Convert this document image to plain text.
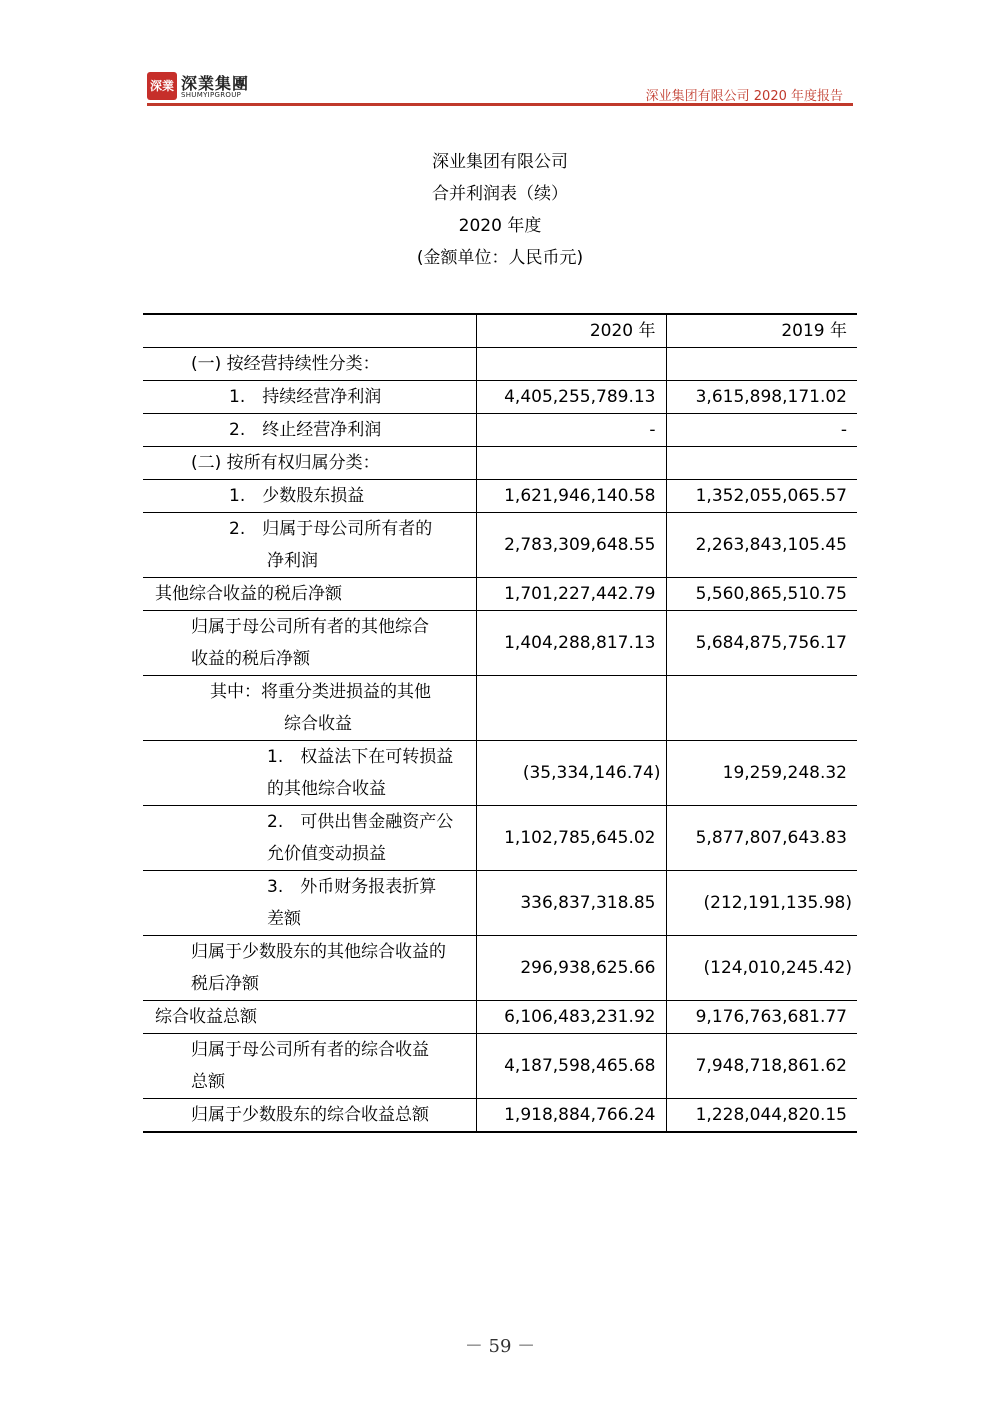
深業 深業集團
SHUMYIPGROUP	深业集团有限公司 2020 年度报告
深业集团有限公司
合并利润表（续）
2020 年度
(金额单位：人民币元)
	2020 年	2019 年
(一) 按经营持续性分类：		
1.　持续经营净利润	4,405,255,789.13	3,615,898,171.02
2.　终止经营净利润	-	-
(二) 按所有权归属分类：		
1.　少数股东损益	1,621,946,140.58	1,352,055,065.57

2.　归属于母公司所有者的
净利润	2,783,309,648.55	2,263,843,105.45
其他综合收益的税后净额	1,701,227,442.79	5,560,865,510.75

归属于母公司所有者的其他综合
收益的税后净额	1,404,288,817.13	5,684,875,756.17

其中：将重分类进损益的其他
综合收益		

1.　权益法下在可转损益
的其他综合收益	(35,334,146.74)	19,259,248.32

2.　可供出售金融资产公
允价值变动损益	1,102,785,645.02	5,877,807,643.83

3.　外币财务报表折算
差额	336,837,318.85	(212,191,135.98)

归属于少数股东的其他综合收益的
税后净额	296,938,625.66	(124,010,245.42)
综合收益总额	6,106,483,231.92	9,176,763,681.77

归属于母公司所有者的综合收益
总额	4,187,598,465.68	7,948,718,861.62
归属于少数股东的综合收益总额	1,918,884,766.24	1,228,044,820.15
－ 59 －
